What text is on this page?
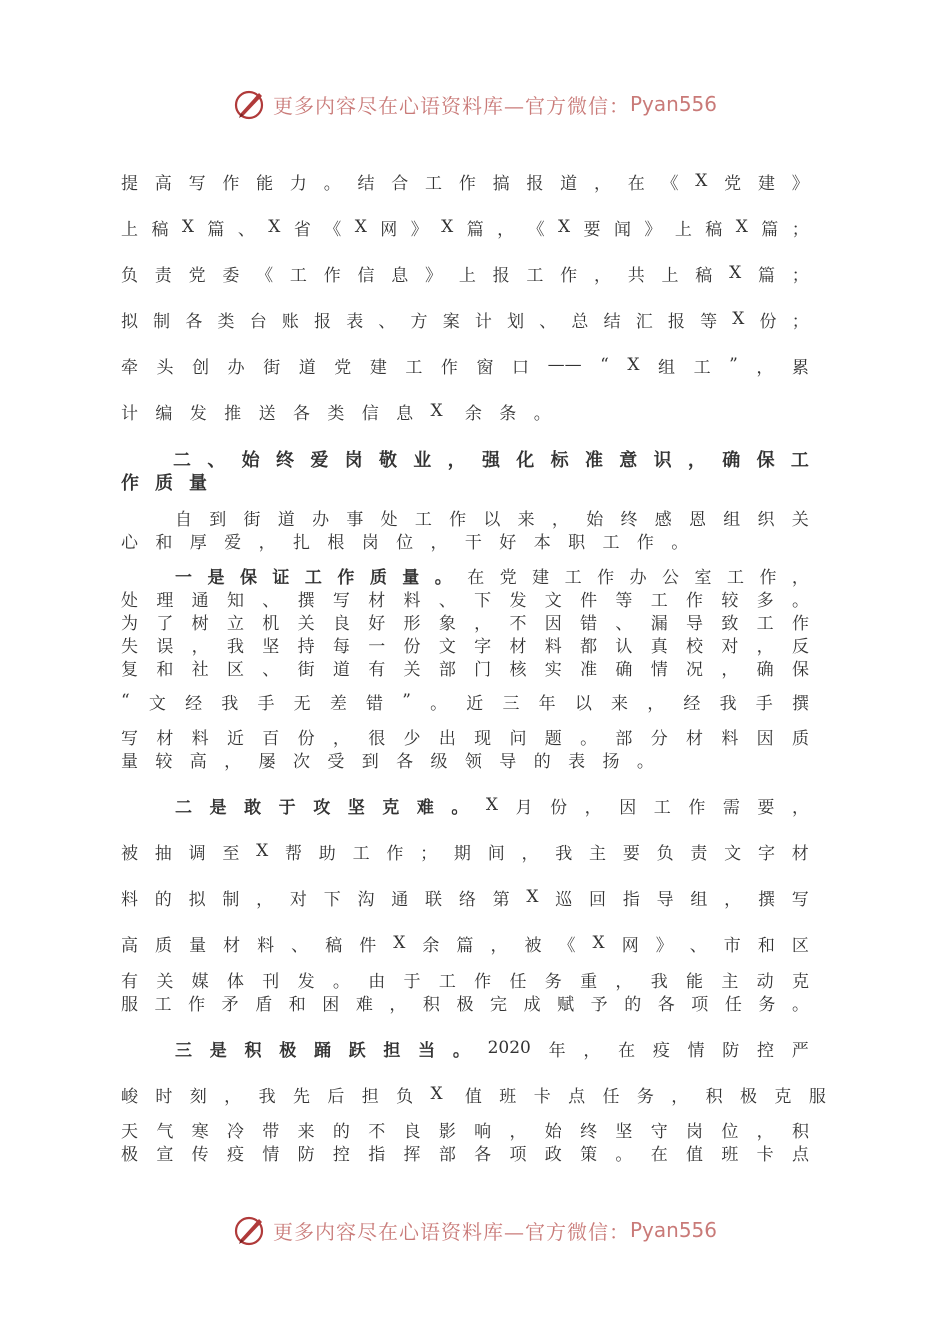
更多内容尽在心语资料库—官方微信： Pyan556
提 高 写 作 能 力 。 结 合 工 作 搞 报 道 ， 在 《 X 党 建 》
上 稿 X 篇 、 X 省 《 X 网 》 X 篇 ， 《 X 要 闻 》 上 稿 X 篇 ；
负 责 党 委 《 工 作 信 息 》 上 报 工 作 ， 共 上 稿 X 篇 ；
拟 制 各 类 台 账 报 表 、 方 案 计 划 、 总 结 汇 报 等 X 份 ；
牵 头 创 办 街 道 党 建 工 作 窗 口 —— “ X 组 工 ” ， 累
计	编	发	推	送	各	类	信	息	X	余	条	。
二 、 始 终 爱 岗 敬 业 ， 强 化 标 准 意 识 ， 确 保 工
作 质 量
自 到 街 道 办 事 处 工 作 以 来 ， 始 终 感 恩 组 织 关
心	和	厚	爱	，	扎	根	岗	位	，	干	好	本	职	工	作	。
一 是 保 证 工 作 质 量 。 在 党 建 工 作 办 公 室 工 作 ，
处 理 通 知 、 撰 写 材 料 、 下 发 文 件 等 工 作 较 多 。
为 了 树 立 机 关 良 好 形 象 ， 不 因 错 、 漏 导 致 工 作
失 误 ， 我 坚 持 每 一 份 文 字 材 料 都 认 真 校 对 ， 反
复 和 社 区 、 街 道 有 关 部 门 核 实 准 确 情 况 ， 确 保
“ 文 经 我 手 无 差 错 ” 。 近 三 年 以 来 ， 经 我 手 撰
写 材 料 近 百 份 ， 很 少 出 现 问 题 。 部 分 材 料 因 质
量	较	高	，	屡	次	受	到	各	级	领	导	的	表	扬	。
二 是 敢 于 攻 坚 克 难 。 X 月 份 ， 因 工 作 需 要 ，
被 抽 调 至 X 帮 助 工 作 ； 期 间 ， 我 主 要 负 责 文 字 材
料 的 拟 制 ， 对 下 沟 通 联 络 第 X 巡 回 指 导 组 ， 撰 写
高 质 量 材 料 、 稿 件 X 余 篇 ， 被 《 X 网 》 、 市 和 区
有 关 媒 体 刊 发 。 由 于 工 作 任 务 重 ， 我 能 主 动 克
服 工 作 矛 盾 和 困 难 ， 积 极 完 成 赋 予 的 各 项 任 务 。
三 是 积 极 踊 跃 担 当 。 2020 年 ， 在 疫 情 防 控 严
峻	时	刻	，	我	先	后	担	负	X	值	班	卡	点	任	务	，	积	极	克	服
天 气 寒 冷 带 来 的 不 良 影 响 ， 始 终 坚 守 岗 位 ， 积
极 宣 传 疫 情 防 控 指 挥 部 各 项 政 策 。 在 值 班 卡 点
更多内容尽在心语资料库—官方微信： Pyan556
